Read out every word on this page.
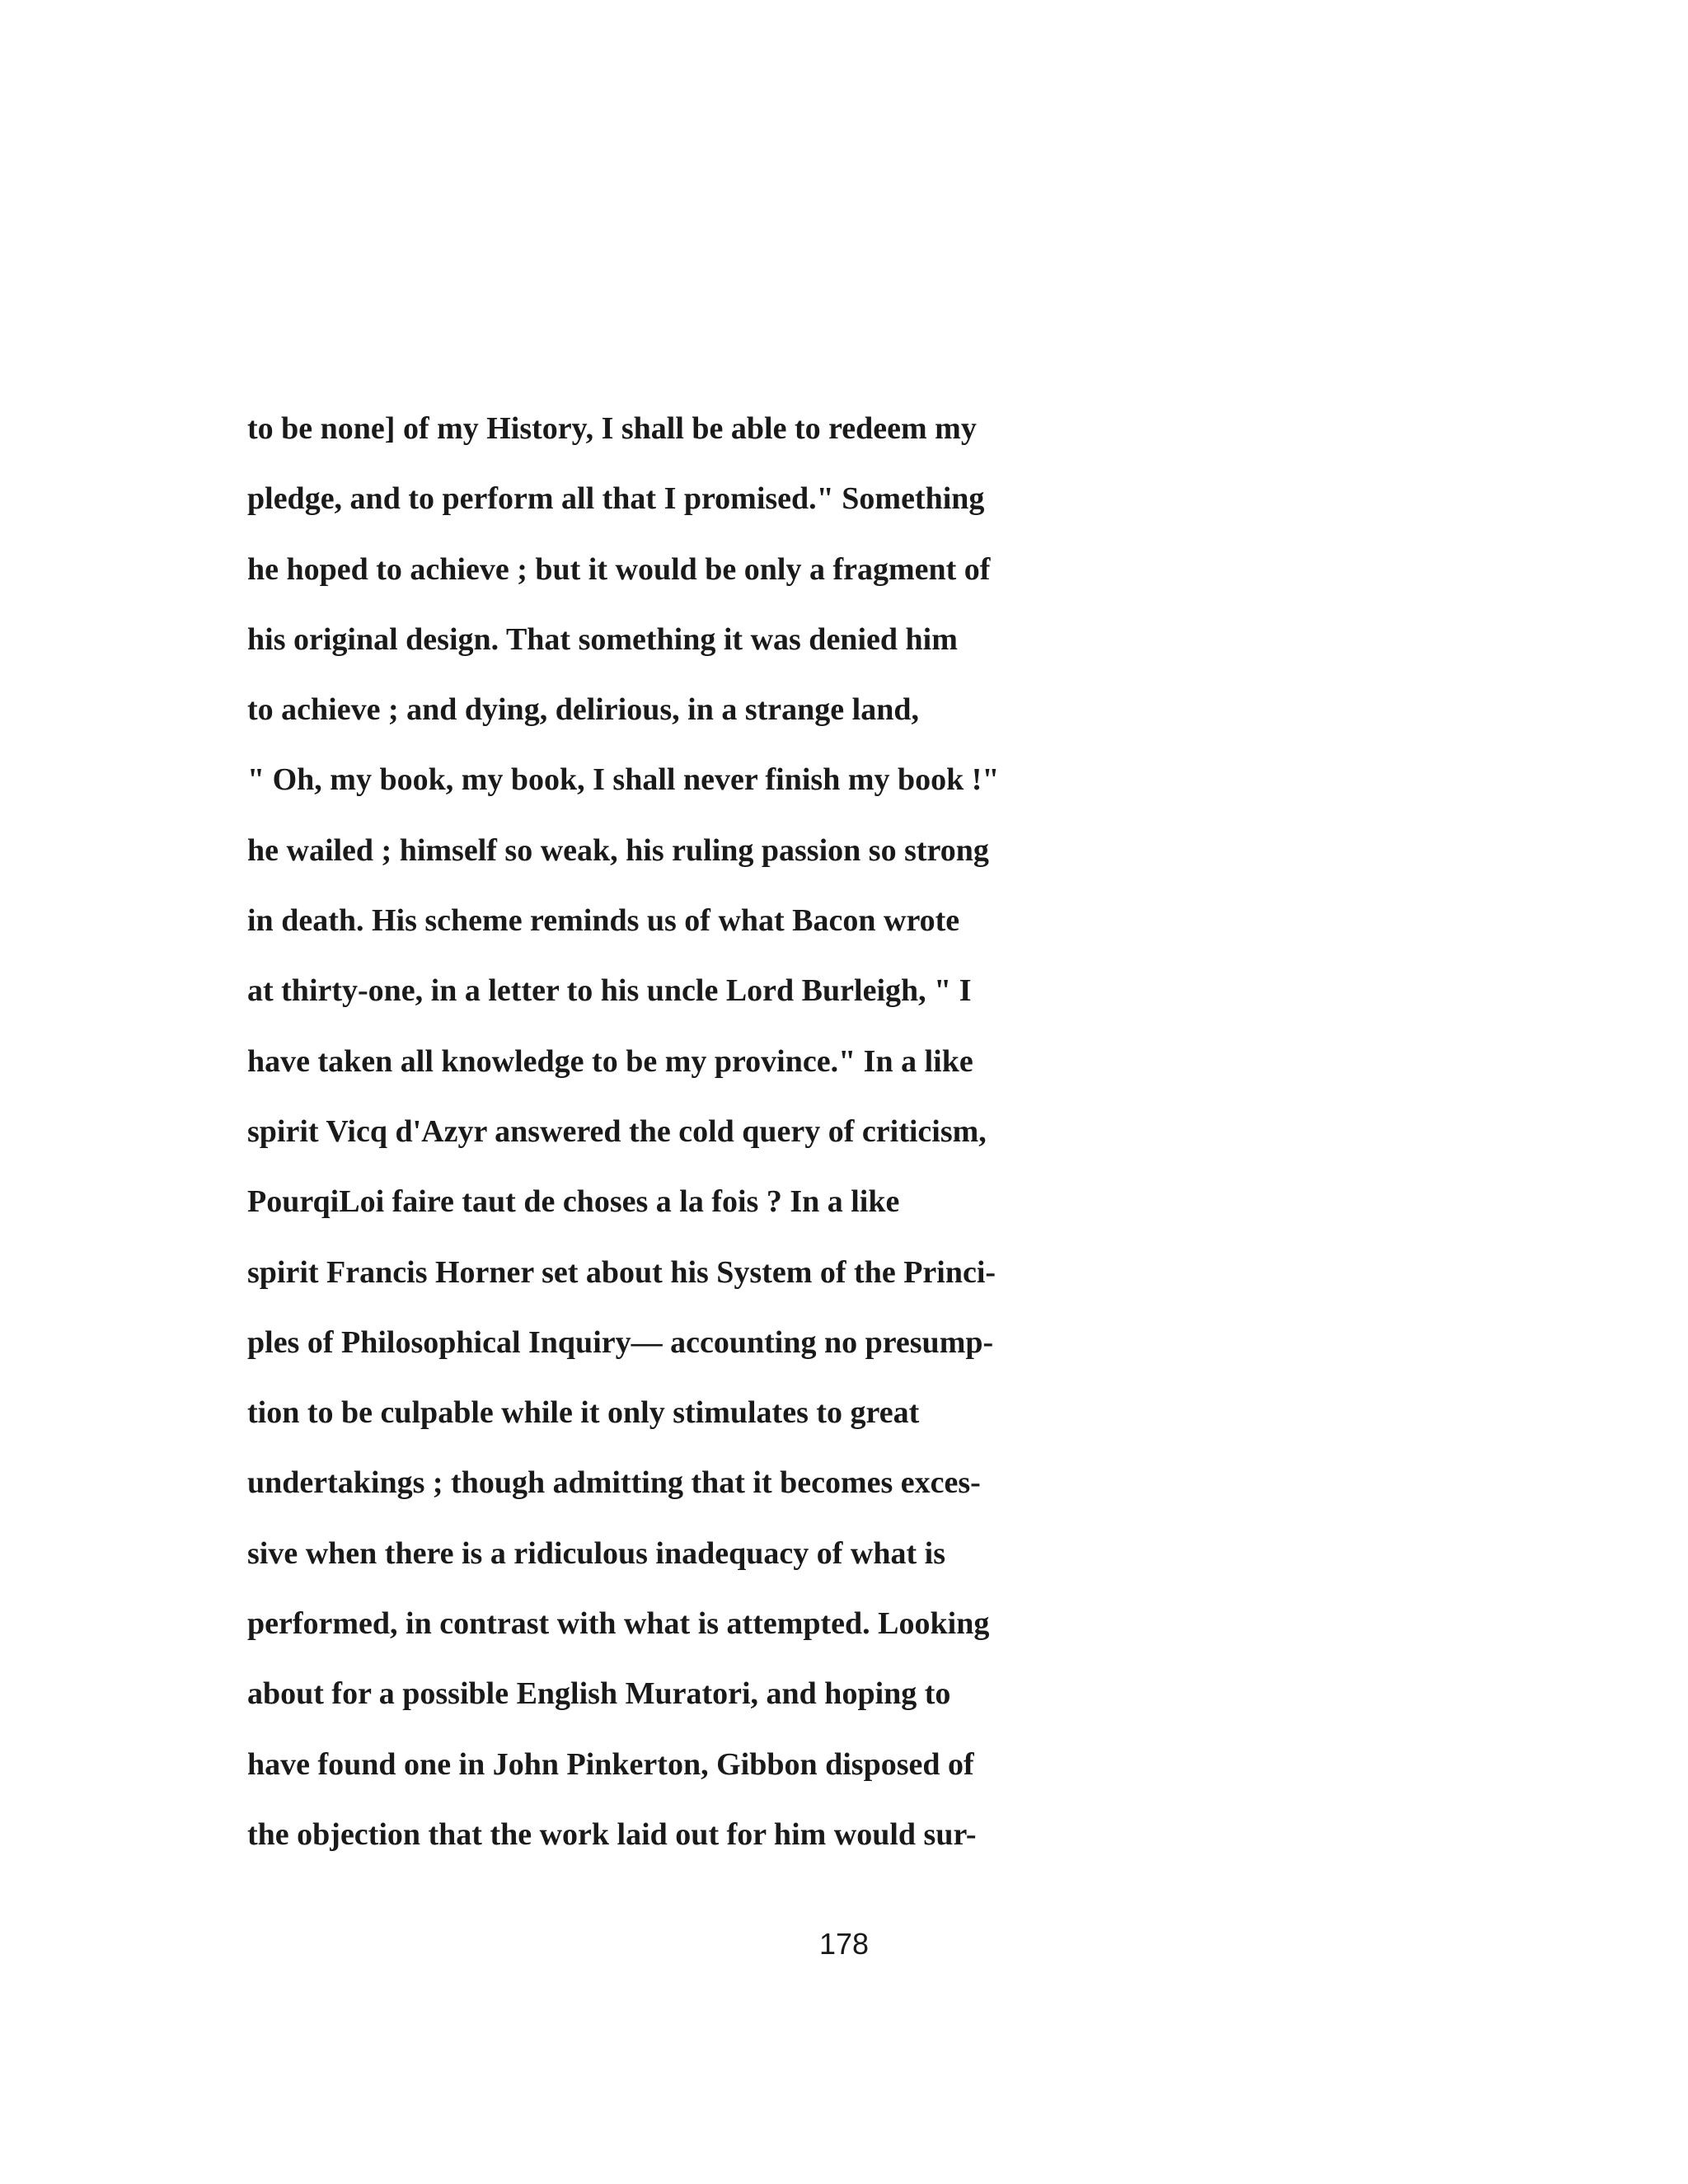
to be none] of my History, I shall be able to redeem my
pledge, and to perform all that I promised." Something
he hoped to achieve ; but it would be only a fragment of
his original design. That something it was denied him
to achieve ; and dying, delirious, in a strange land,
" Oh, my book, my book, I shall never finish my book !"
he wailed ; himself so weak, his ruling passion so strong
in death. His scheme reminds us of what Bacon wrote
at thirty-one, in a letter to his uncle Lord Burleigh, " I
have taken all knowledge to be my province." In a like
spirit Vicq d'Azyr answered the cold query of criticism,
PourqiLoi faire taut de choses a la fois ? In a like
spirit Francis Horner set about his System of the Princi-
ples of Philosophical Inquiry— accounting no presump-
tion to be culpable while it only stimulates to great
undertakings ; though admitting that it becomes exces-
sive when there is a ridiculous inadequacy of what is
performed, in contrast with what is attempted. Looking
about for a possible English Muratori, and hoping to
have found one in John Pinkerton, Gibbon disposed of
the objection that the work laid out for him would sur-
178
